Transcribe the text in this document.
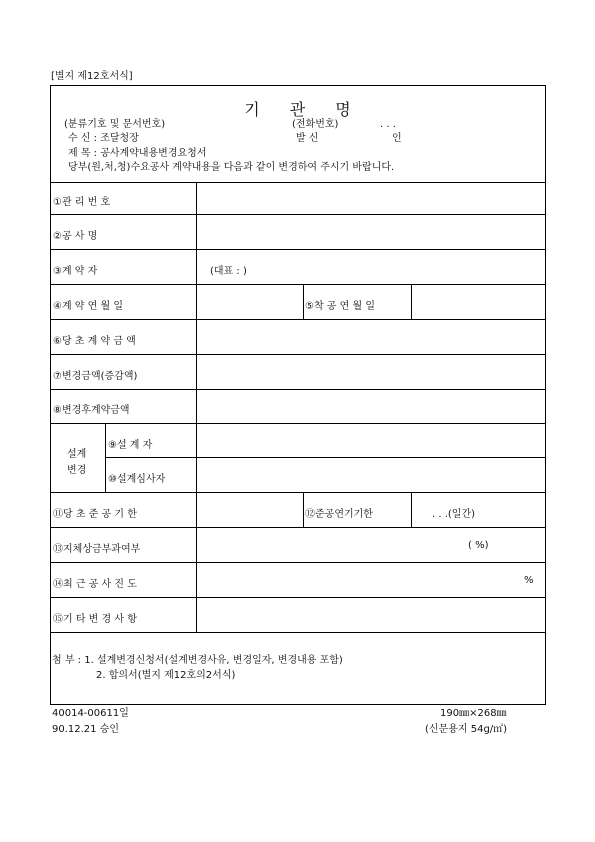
[별지 제12호서식]
기 관 명
(분류기호 및 문서번호)	(전화번호)	. . .
수 신 : 조달청장	발 신	인
제 목 : 공사계약내용변경요청서
당부(원,처,청)수요공사 계약내용을 다음과 같이 변경하여 주시기 바랍니다.
①관 리 번 호
②공 사 명
③계 약 자	(대표 : )
④계 약 연 월 일	⑤착 공 연 월 일
⑥당 초 계 약 금 액
⑦변경금액(증감액)
⑧변경후계약금액
설계
변경
⑨설 계 자
⑩설계심사자
⑪당 초 준 공 기 한	⑫준공연기기한	. . .(일간)
⑬지체상금부과여부	( %)
⑭최 근 공 사 진 도	%
⑮기 타 변 경 사 항
첨 부 : 1. 설계변경신청서(설계변경사유, 변경일자, 변경내용 포함)
2. 합의서(별지 제12호의2서식)
40014-00611일
90.12.21 승인
190㎜×268㎜
(신문용지 54g/㎡)
